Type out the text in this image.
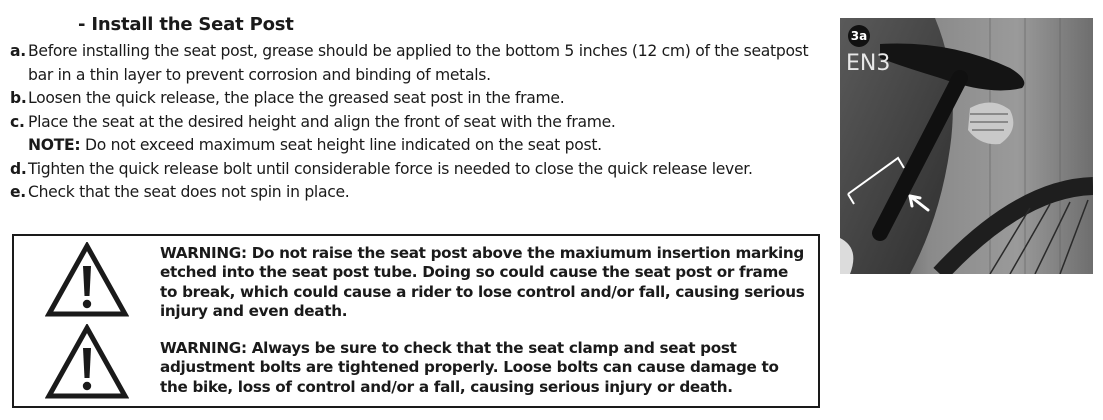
- Install the Seat Post
a. Before installing the seat post, grease should be applied to the bottom 5 inches (12 cm) of the seatpost bar in a thin layer to prevent corrosion and binding of metals.
b. Loosen the quick release, the place the greased seat post in the frame.
c. Place the seat at the desired height and align the front of seat with the frame.
NOTE: Do not exceed maximum seat height line indicated on the seat post.
d. Tighten the quick release bolt until considerable force is needed to close the quick release lever.
e. Check that the seat does not spin in place.
WARNING: Do not raise the seat post above the maxiumum insertion marking etched into the seat post tube. Doing so could cause the seat post or frame to break, which could cause a rider to lose control and/or fall, causing serious injury and even death.
WARNING: Always be sure to check that the seat clamp and seat post adjustment bolts are tightened properly. Loose bolts can cause damage to the bike, loss of control and/or a fall, causing serious injury or death.
EN3
3a
